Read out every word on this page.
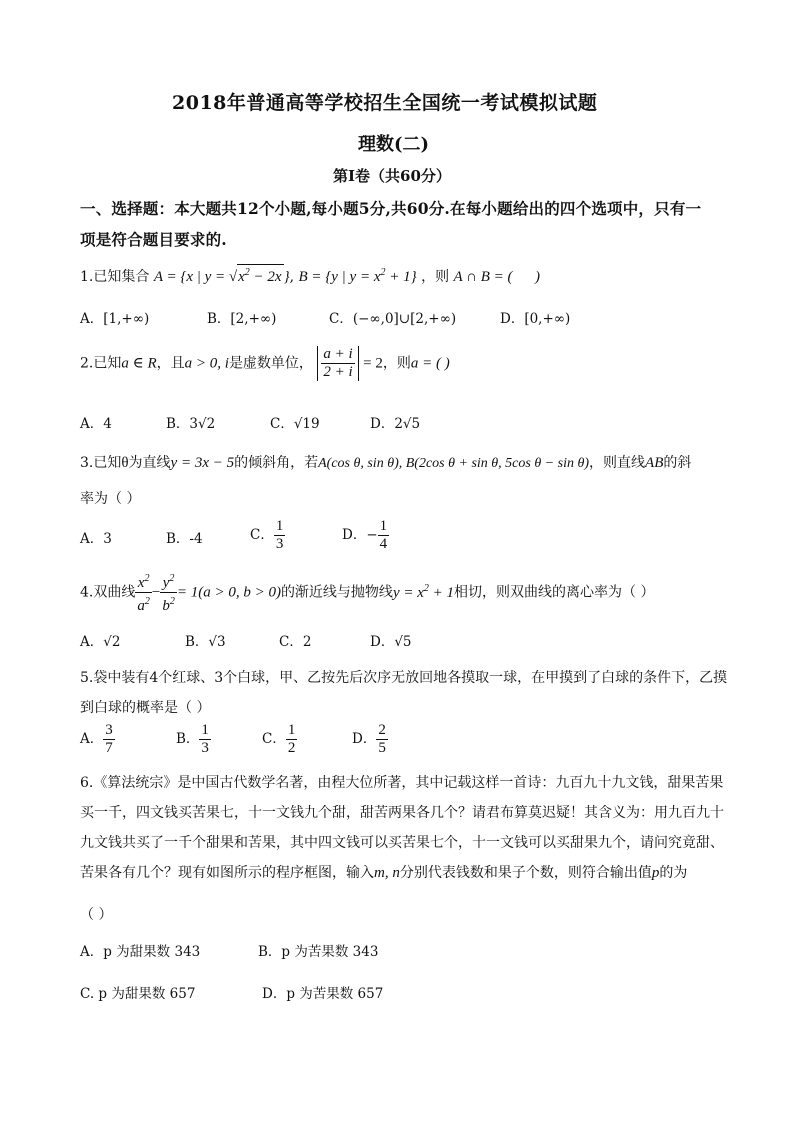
2018年普通高等学校招生全国统一考试模拟试题
理数(二)
第Ⅰ卷（共60分）
一、选择题：本大题共12个小题,每小题5分,共60分.在每小题给出的四个选项中，只有一
项是符合题目要求的.
1.已知集合 A = {x | $y = √x^2 - 2x$ }, B = {y | $y = x^2 + 1$} ，则 A ∩ B = (      )
A．[1,+∞)	B．[2,+∞)	C．(−∞,0]∪[2,+∞)	D．[0,+∞)
2.已知a ∈ R，且a > 0, i是虚数单位， $\frac{a + i}{2 + i} = 2$，则a = ( )
A．4	B．3√2	C．√19	D．2√5
3.已知θ为直线y = 3x − 5的倾斜角，若A(cos θ, sin θ), B(2cos θ + sin θ, 5cos θ − sin θ)，则直线AB的斜
率为（ ）
A．3	B．-4	C． $\frac{1}{3}$	D．− $\frac{1}{4}$
4.双曲线 $\frac{x^2}{a^2} - \frac{y^2}{b^2} = 1(a > 0$, b > 0)的渐近线与抛物线$y = x^2 + 1$相切，则双曲线的离心率为（ ）
A．√2	B．√3	C．2	D．√5
5.袋中装有4个红球、3个白球，甲、乙按先后次序无放回地各摸取一球，在甲摸到了白球的条件下，乙摸
到白球的概率是（ ）
A． $\frac{3}{7}$	B． $\frac{1}{3}$	C． $\frac{1}{2}$	D． $\frac{2}{5}$
6.《算法统宗》是中国古代数学名著，由程大位所著，其中记载这样一首诗：九百九十九文钱，甜果苦果
买一千，四文钱买苦果七，十一文钱九个甜，甜苦两果各几个？请君布算莫迟疑！其含义为：用九百九十
九文钱共买了一千个甜果和苦果，其中四文钱可以买苦果七个，十一文钱可以买甜果九个，请问究竟甜、
苦果各有几个？现有如图所示的程序框图，输入m, n分别代表钱数和果子个数，则符合输出值p的为
（ ）
A．p 为甜果数 343	B．p 为苦果数 343
C. p 为甜果数 657	D．p 为苦果数 657
